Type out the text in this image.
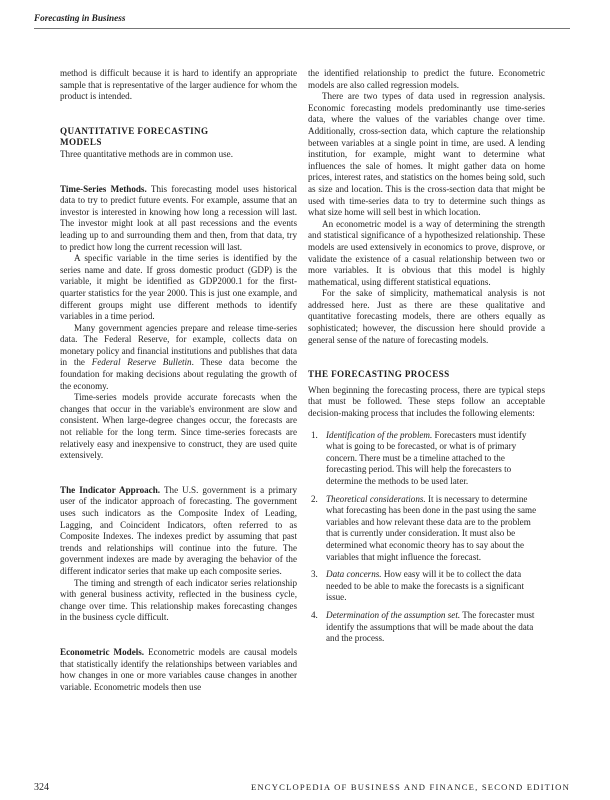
Forecasting in Business

method is difficult because it is hard to identify an appropriate sample that is representative of the larger audience for whom the product is intended.

QUANTITATIVE FORECASTING
MODELS

Three quantitative methods are in common use.

Time-Series Methods. This forecasting model uses historical data to try to predict future events. For example, assume that an investor is interested in knowing how long a recession will last. The investor might look at all past recessions and the events leading up to and surrounding them and then, from that data, try to predict how long the current recession will last.

A specific variable in the time series is identified by the series name and date. If gross domestic product (GDP) is the variable, it might be identified as GDP2000.1 for the first-quarter statistics for the year 2000. This is just one example, and different groups might use different methods to identify variables in a time period.

Many government agencies prepare and release time-series data. The Federal Reserve, for example, collects data on monetary policy and financial institutions and publishes that data in the Federal Reserve Bulletin. These data become the foundation for making decisions about regulating the growth of the economy.

Time-series models provide accurate forecasts when the changes that occur in the variable's environment are slow and consistent. When large-degree changes occur, the forecasts are not reliable for the long term. Since time-series forecasts are relatively easy and inexpensive to construct, they are used quite extensively.

The Indicator Approach. The U.S. government is a primary user of the indicator approach of forecasting. The government uses such indicators as the Composite Index of Leading, Lagging, and Coincident Indicators, often referred to as Composite Indexes. The indexes predict by assuming that past trends and relationships will continue into the future. The government indexes are made by averaging the behavior of the different indicator series that make up each composite series.

The timing and strength of each indicator series relationship with general business activity, reflected in the business cycle, change over time. This relationship makes forecasting changes in the business cycle difficult.

Econometric Models. Econometric models are causal models that statistically identify the relationships between variables and how changes in one or more variables cause changes in another variable. Econometric models then use

the identified relationship to predict the future. Econometric models are also called regression models.

There are two types of data used in regression analysis. Economic forecasting models predominantly use time-series data, where the values of the variables change over time. Additionally, cross-section data, which capture the relationship between variables at a single point in time, are used. A lending institution, for example, might want to determine what influences the sale of homes. It might gather data on home prices, interest rates, and statistics on the homes being sold, such as size and location. This is the cross-section data that might be used with time-series data to try to determine such things as what size home will sell best in which location.

An econometric model is a way of determining the strength and statistical significance of a hypothesized relationship. These models are used extensively in economics to prove, disprove, or validate the existence of a casual relationship between two or more variables. It is obvious that this model is highly mathematical, using different statistical equations.

For the sake of simplicity, mathematical analysis is not addressed here. Just as there are these qualitative and quantitative forecasting models, there are others equally as sophisticated; however, the discussion here should provide a general sense of the nature of forecasting models.

THE FORECASTING PROCESS

When beginning the forecasting process, there are typical steps that must be followed. These steps follow an acceptable decision-making process that includes the following elements:

1. Identification of the problem. Forecasters must identify what is going to be forecasted, or what is of primary concern. There must be a timeline attached to the forecasting period. This will help the forecasters to determine the methods to be used later.
2. Theoretical considerations. It is necessary to determine what forecasting has been done in the past using the same variables and how relevant these data are to the problem that is currently under consideration. It must also be determined what economic theory has to say about the variables that might influence the forecast.
3. Data concerns. How easy will it be to collect the data needed to be able to make the forecasts is a significant issue.
4. Determination of the assumption set. The forecaster must identify the assumptions that will be made about the data and the process.
324	ENCYCLOPEDIA OF BUSINESS AND FINANCE, SECOND EDITION
